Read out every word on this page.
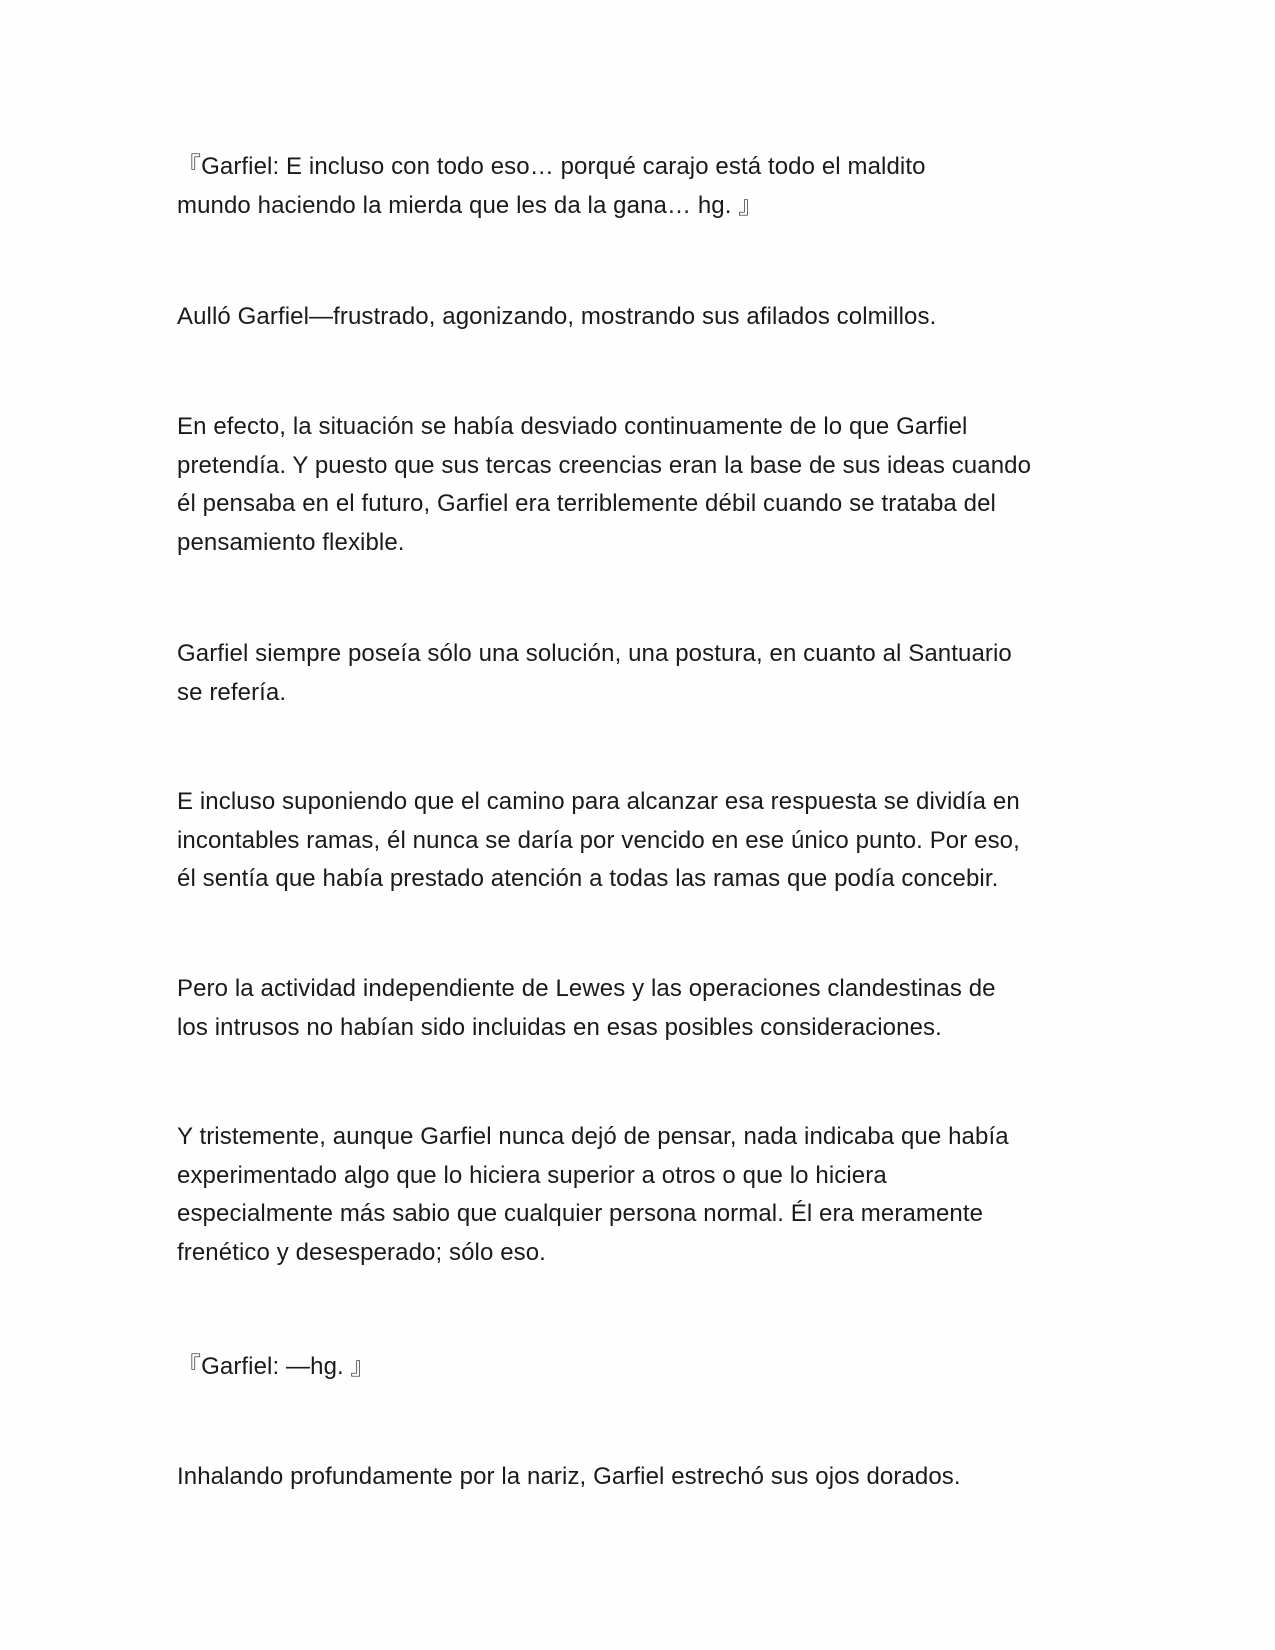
『Garfiel: E incluso con todo eso… porqué carajo está todo el maldito
mundo haciendo la mierda que les da la gana… hg. 』

Aulló Garfiel—frustrado, agonizando, mostrando sus afilados colmillos.

En efecto, la situación se había desviado continuamente de lo que Garfiel
pretendía. Y puesto que sus tercas creencias eran la base de sus ideas cuando
él pensaba en el futuro, Garfiel era terriblemente débil cuando se trataba del
pensamiento flexible.

Garfiel siempre poseía sólo una solución, una postura, en cuanto al Santuario
se refería.

E incluso suponiendo que el camino para alcanzar esa respuesta se dividía en
incontables ramas, él nunca se daría por vencido en ese único punto. Por eso,
él sentía que había prestado atención a todas las ramas que podía concebir.

Pero la actividad independiente de Lewes y las operaciones clandestinas de
los intrusos no habían sido incluidas en esas posibles consideraciones.

Y tristemente, aunque Garfiel nunca dejó de pensar, nada indicaba que había
experimentado algo que lo hiciera superior a otros o que lo hiciera
especialmente más sabio que cualquier persona normal. Él era meramente
frenético y desesperado; sólo eso.

『Garfiel: —hg. 』

Inhalando profundamente por la nariz, Garfiel estrechó sus ojos dorados.
